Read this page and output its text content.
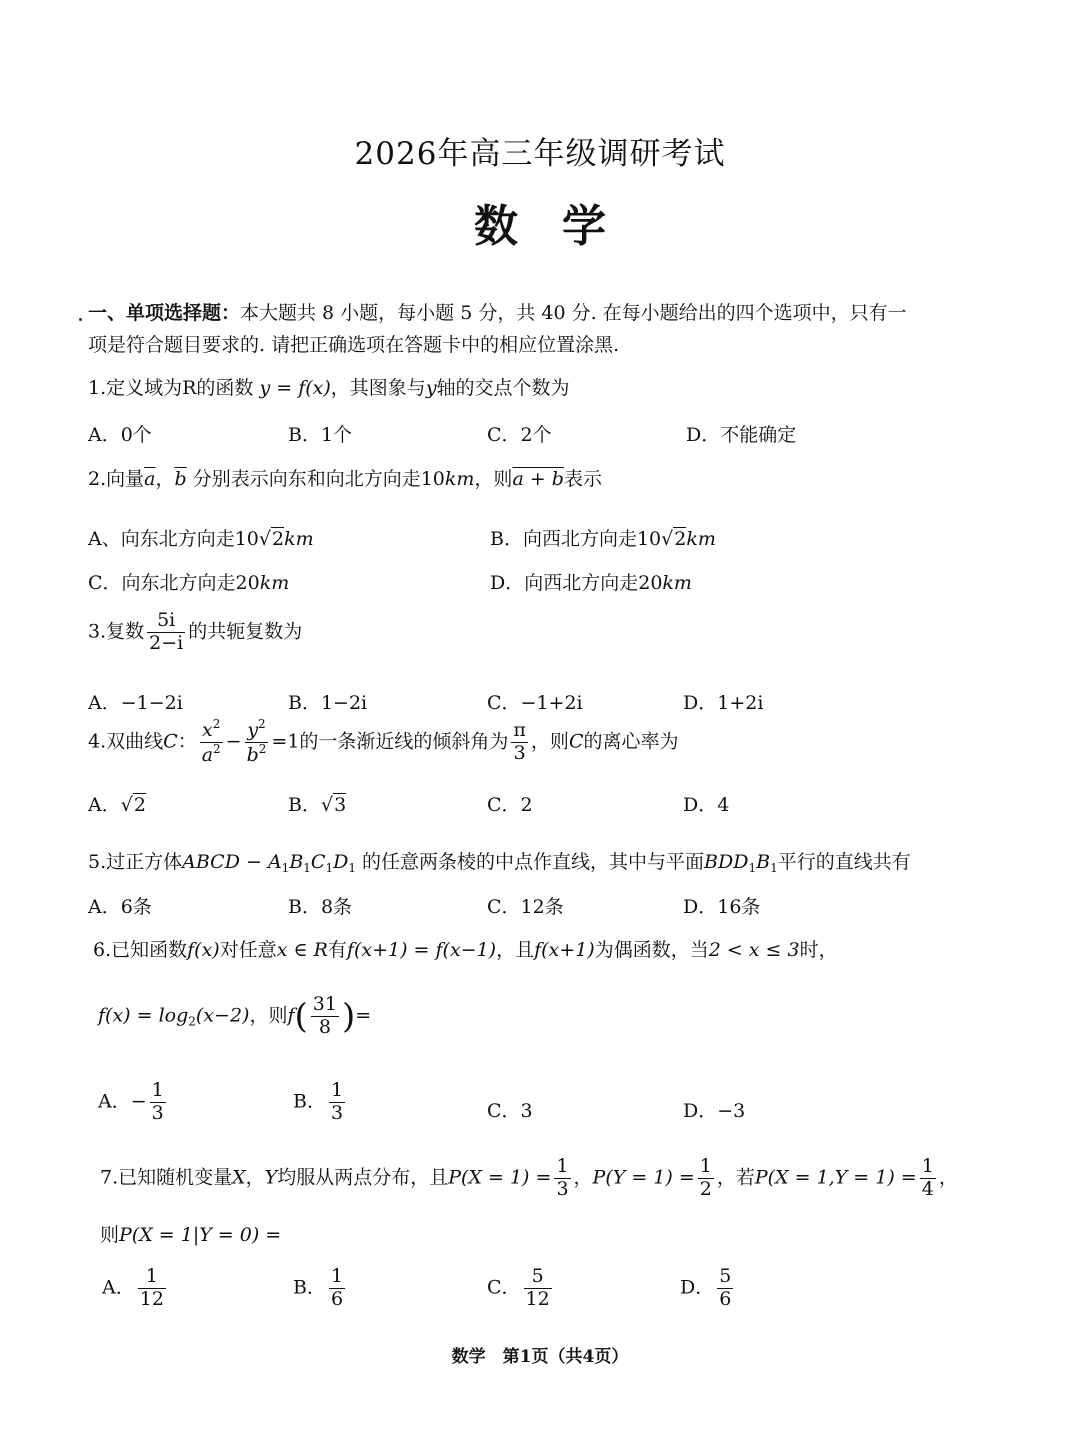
2026年高三年级调研考试
数 学
一、单项选择题：本大题共 8 小题，每小题 5 分，共 40 分. 在每小题给出的四个选项中，只有一
项是符合题目要求的. 请把正确选项在答题卡中的相应位置涂黑.
1.定义域为R的函数 y = f(x)，其图象与y轴的交点个数为
A．0个	B．1个	C．2个	D．不能确定
2.向量$\overline{a}$，$\overline{b}$ 分别表示向东和向北方向走10km，则a + b表示
A、向东北方向走10√2km	B．向西北方向走10√2km
C．向东北方向走20km	D．向西北方向走20km
3.复数 $\frac{5i}{2-i}$ 的共轭复数为
A．−1−2i	B．1−2i	C．−1+2i	D．1+2i
4.双曲线C： $\frac{x^2}{a^2} - \frac{y^2}{b^2} =1$的一条渐近线的倾斜角为 $\frac{\pi}{3}$ ，则C的离心率为
A．√2	B．√3	C．2	D．4
5.过正方体ABCD − $A_1B_1C_1D_1$ 的任意两条棱的中点作直线，其中与平面$BDD_1B_1$平行的直线共有
A．6条	B．8条	C．12条	D．16条
6.已知函数f(x)对任意x ∈ R有f(x+1) = f(x−1)，且f(x+1)为偶函数，当2 < x ≤ 3时，
$f(x) = \log_2(x-2)$，则$f( \frac{31}{8}$ )=
A．− $\frac{1}{3}$	B． $\frac{1}{3}$	C．3	D．−3
7.已知随机变量X，Y均服从两点分布，且$P(X = 1) = \frac{1}{3}$ ，$P(Y = 1) = \frac{1}{2}$ ，若$P(X = 1,Y = 1) = \frac{1}{4}$ ，
则P(X = 1|Y = 0) =
A． $\frac{1}{12}$	B． $\frac{1}{6}$	C． $\frac{5}{12}$	D． $\frac{5}{6}$
数学　第1页（共4页）
